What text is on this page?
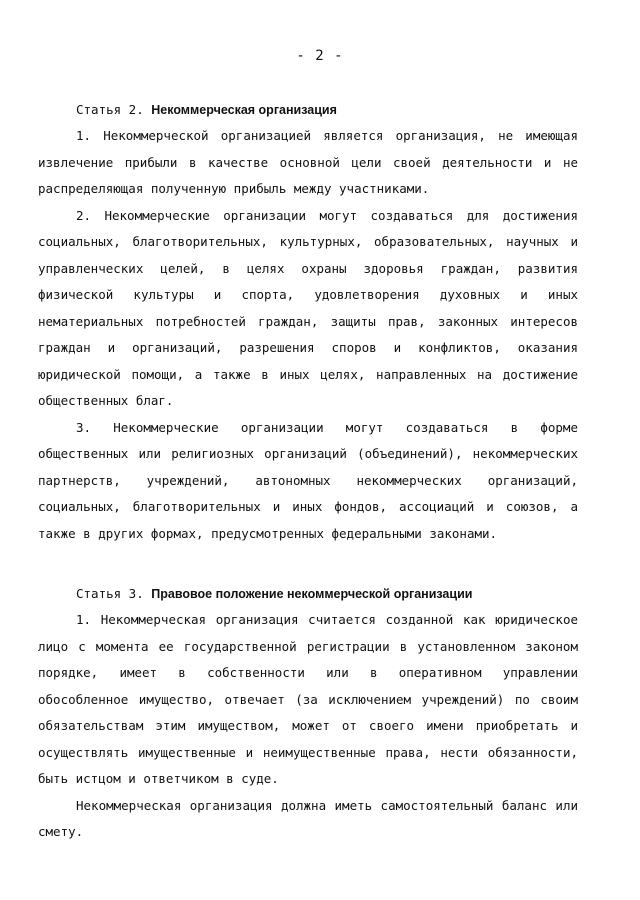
- 2 -

Статья 2. Некоммерческая организация

1. Некоммерческой организацией является организация, не имеющая извлечение прибыли в качестве основной цели своей деятельности и не распределяющая полученную прибыль между участниками.

2. Некоммерческие организации могут создаваться для достижения социальных, благотворительных, культурных, образовательных, научных и управленческих целей, в целях охраны здоровья граждан, развития физической культуры и спорта, удовлетворения духовных и иных нематериальных потребностей граждан, защиты прав, законных интересов граждан и организаций, разрешения споров и конфликтов, оказания юридической помощи, а также в иных целях, направленных на достижение общественных благ.

3. Некоммерческие организации могут создаваться в форме общественных или религиозных организаций (объединений), некоммерческих партнерств, учреждений, автономных некоммерческих организаций, социальных, благотворительных и иных фондов, ассоциаций и союзов, а также в других формах, предусмотренных федеральными законами.

Статья 3. Правовое положение некоммерческой организации

1. Некоммерческая организация считается созданной как юридическое лицо с момента ее государственной регистрации в установленном законом порядке, имеет в собственности или в оперативном управлении обособленное имущество, отвечает (за исключением учреждений) по своим обязательствам этим имуществом, может от своего имени приобретать и осуществлять имущественные и неимущественные права, нести обязанности, быть истцом и ответчиком в суде.

Некоммерческая организация должна иметь самостоятельный баланс или смету.
